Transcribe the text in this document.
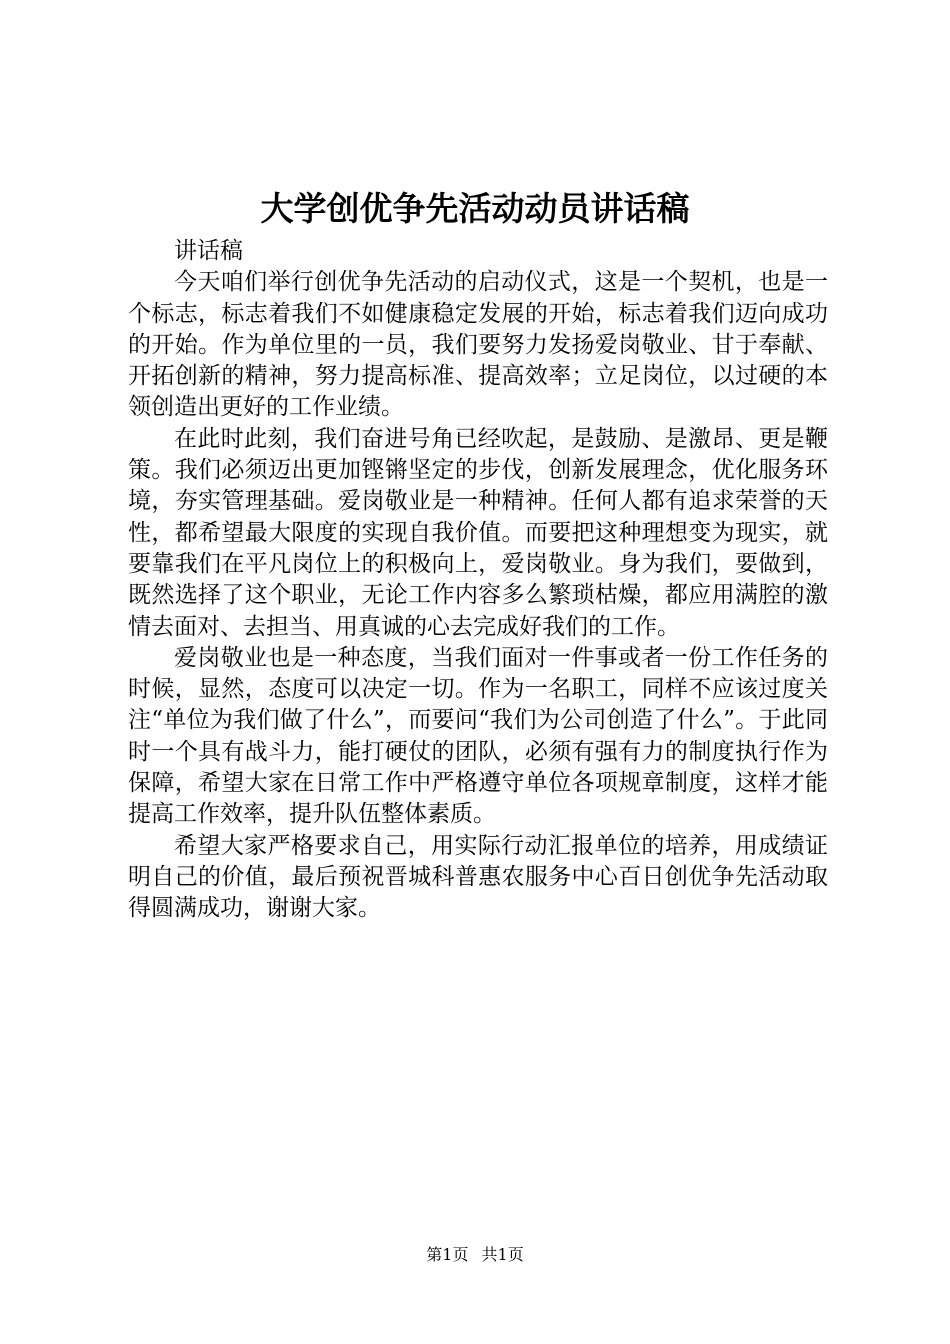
大学创优争先活动动员讲话稿

讲话稿

今天咱们举行创优争先活动的启动仪式，这是一个契机，也是一个标志，标志着我们不如健康稳定发展的开始，标志着我们迈向成功的开始。作为单位里的一员，我们要努力发扬爱岗敬业、甘于奉献、开拓创新的精神，努力提高标准、提高效率；立足岗位，以过硬的本领创造出更好的工作业绩。

在此时此刻，我们奋进号角已经吹起，是鼓励、是激昂、更是鞭策。我们必须迈出更加铿锵坚定的步伐，创新发展理念，优化服务环境，夯实管理基础。爱岗敬业是一种精神。任何人都有追求荣誉的天性，都希望最大限度的实现自我价值。而要把这种理想变为现实，就要靠我们在平凡岗位上的积极向上，爱岗敬业。身为我们，要做到，既然选择了这个职业，无论工作内容多么繁琐枯燥，都应用满腔的激情去面对、去担当、用真诚的心去完成好我们的工作。

爱岗敬业也是一种态度，当我们面对一件事或者一份工作任务的时候，显然，态度可以决定一切。作为一名职工，同样不应该过度关注“单位为我们做了什么”，而要问“我们为公司创造了什么”。于此同时一个具有战斗力，能打硬仗的团队，必须有强有力的制度执行作为保障，希望大家在日常工作中严格遵守单位各项规章制度，这样才能提高工作效率，提升队伍整体素质。

希望大家严格要求自己，用实际行动汇报单位的培养，用成绩证明自己的价值，最后预祝晋城科普惠农服务中心百日创优争先活动取得圆满成功，谢谢大家。

第1页 共1页
